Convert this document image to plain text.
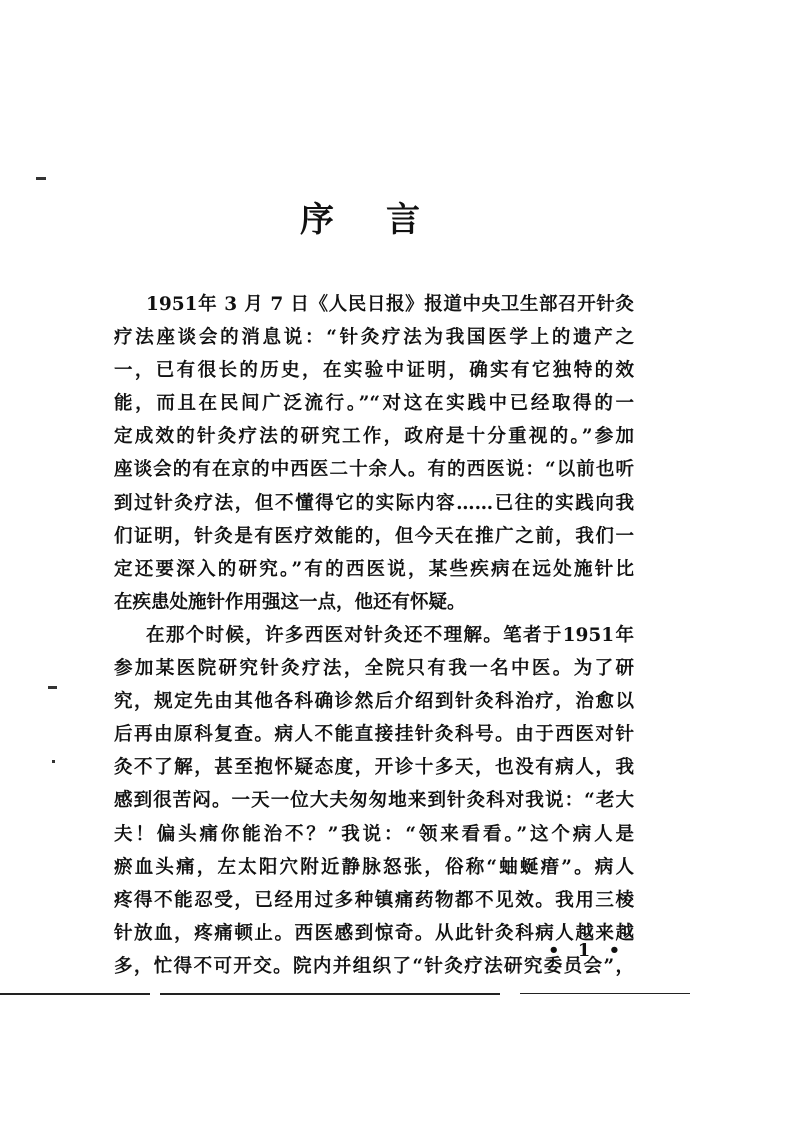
序 言
1951年 3 月 7 日《人民日报》报道中央卫生部召开针灸
疗法座谈会的消息说：“针灸疗法为我国医学上的遗产之
一，已有很长的历史，在实验中证明，确实有它独特的效
能，而且在民间广泛流行。”“对这在实践中已经取得的一
定成效的针灸疗法的研究工作，政府是十分重视的。”参加
座谈会的有在京的中西医二十余人。有的西医说：“以前也听
到过针灸疗法，但不懂得它的实际内容……已往的实践向我
们证明，针灸是有医疗效能的，但今天在推广之前，我们一
定还要深入的研究。”有的西医说，某些疾病在远处施针比
在疾患处施针作用强这一点，他还有怀疑。
在那个时候，许多西医对针灸还不理解。笔者于1951年
参加某医院研究针灸疗法，全院只有我一名中医。为了研
究，规定先由其他各科确诊然后介绍到针灸科治疗，治愈以
后再由原科复查。病人不能直接挂针灸科号。由于西医对针
灸不了解，甚至抱怀疑态度，开诊十多天，也没有病人，我
感到很苦闷。一天一位大夫匆匆地来到针灸科对我说：“老大
夫！偏头痛你能治不？”我说：“领来看看。”这个病人是
瘀血头痛，左太阳穴附近静脉怒张，俗称“蚰蜒瘄”。病人
疼得不能忍受，已经用过多种镇痛药物都不见效。我用三棱
针放血，疼痛顿止。西医感到惊奇。从此针灸科病人越来越
多，忙得不可开交。院内并组织了“针灸疗法研究委员会”，
• 1 •
